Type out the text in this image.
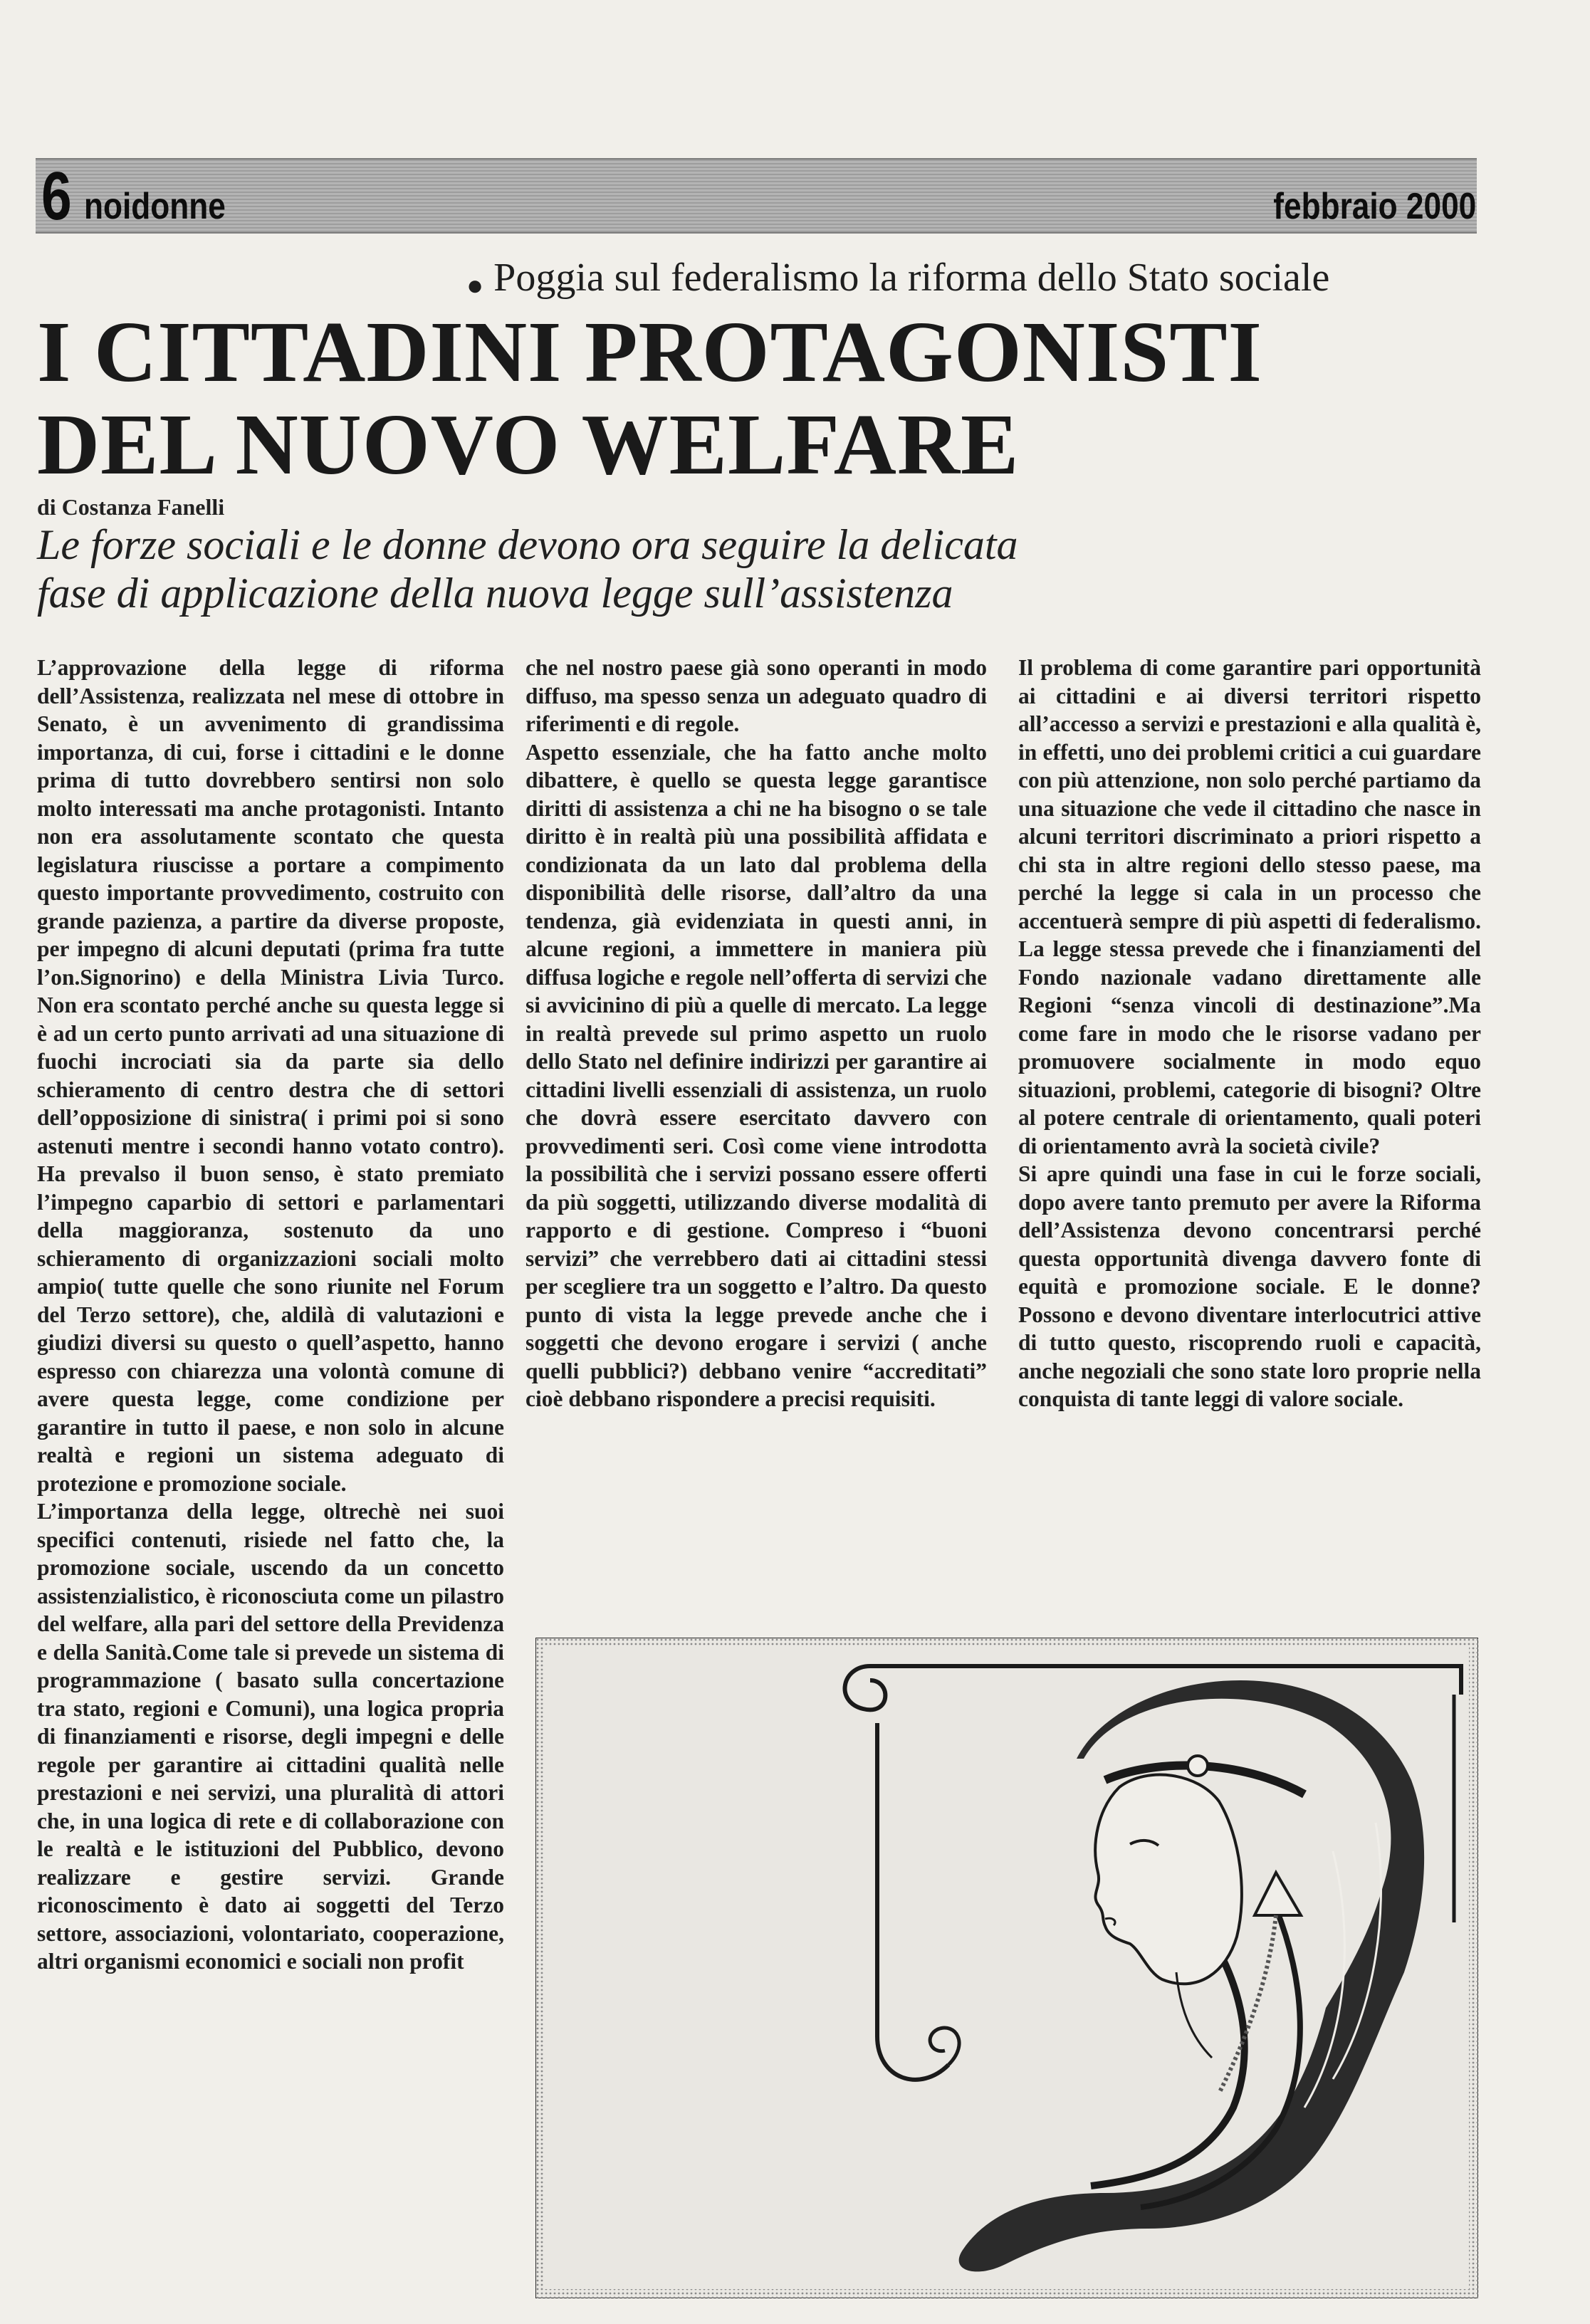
6 noidonne	febbraio 2000
● Poggia sul federalismo la riforma dello Stato sociale
I CITTADINI PROTAGONISTI
DEL NUOVO WELFARE
di Costanza Fanelli
Le forze sociali e le donne devono ora seguire la delicata
fase di applicazione della nuova legge sull’assistenza

L’approvazione della legge di riforma dell’Assistenza, realizzata nel mese di ottobre in Senato, è un avvenimento di grandissima importanza, di cui, forse i cittadini e le donne prima di tutto dovrebbero sentirsi non solo molto interessati ma anche protagonisti. Intanto non era assolutamente scontato che questa legislatura riuscisse a portare a compimento questo importante provvedimento, costruito con grande pazienza, a partire da diverse proposte, per impegno di alcuni deputati (prima fra tutte l’on.Signorino) e della Ministra Livia Turco. Non era scontato perché anche su questa legge si è ad un certo punto arrivati ad una situazione di fuochi incrociati sia da parte sia dello schieramento di centro destra che di settori dell’opposizione di sinistra( i primi poi si sono astenuti mentre i secondi hanno votato contro). Ha prevalso il buon senso, è stato premiato l’impegno caparbio di settori e parlamentari della maggioranza, sostenuto da uno schieramento di organizzazioni sociali molto ampio( tutte quelle che sono riunite nel Forum del Terzo settore), che, aldilà di valutazioni e giudizi diversi su questo o quell’aspetto, hanno espresso con chiarezza una volontà comune di avere questa legge, come condizione per garantire in tutto il paese, e non solo in alcune realtà e regioni un sistema adeguato di protezione e promozione sociale.

L’importanza della legge, oltrechè nei suoi specifici contenuti, risiede nel fatto che, la promozione sociale, uscendo da un concetto assistenzialistico, è riconosciuta come un pilastro del welfare, alla pari del settore della Previdenza e della Sanità.Come tale si prevede un sistema di programmazione ( basato sulla concertazione tra stato, regioni e Comuni), una logica propria di finanziamenti e risorse, degli impegni e delle regole per garantire ai cittadini qualità nelle prestazioni e nei servizi, una pluralità di attori che, in una logica di rete e di collaborazione con le realtà e le istituzioni del Pubblico, devono realizzare e gestire servizi. Grande riconoscimento è dato ai soggetti del Terzo settore, associazioni, volontariato, cooperazione, altri organismi economici e sociali non profit

che nel nostro paese già sono operanti in modo diffuso, ma spesso senza un adeguato quadro di riferimenti e di regole.

Aspetto essenziale, che ha fatto anche molto dibattere, è quello se questa legge garantisce diritti di assistenza a chi ne ha bisogno o se tale diritto è in realtà più una possibilità affidata e condizionata da un lato dal problema della disponibilità delle risorse, dall’altro da una tendenza, già evidenziata in questi anni, in alcune regioni, a immettere in maniera più diffusa logiche e regole nell’offerta di servizi che si avvicinino di più a quelle di mercato. La legge in realtà prevede sul primo aspetto un ruolo dello Stato nel definire indirizzi per garantire ai cittadini livelli essenziali di assistenza, un ruolo che dovrà essere esercitato davvero con provvedimenti seri. Così come viene introdotta la possibilità che i servizi possano essere offerti da più soggetti, utilizzando diverse modalità di rapporto e di gestione. Compreso i “buoni servizi” che verrebbero dati ai cittadini stessi per scegliere tra un soggetto e l’altro. Da questo punto di vista la legge prevede anche che i soggetti che devono erogare i servizi ( anche quelli pubblici?) debbano venire “accreditati” cioè debbano rispondere a precisi requisiti.

Il problema di come garantire pari opportunità ai cittadini e ai diversi territori rispetto all’accesso a servizi e prestazioni e alla qualità è, in effetti, uno dei problemi critici a cui guardare con più attenzione, non solo perché partiamo da una situazione che vede il cittadino che nasce in alcuni territori discriminato a priori rispetto a chi sta in altre regioni dello stesso paese, ma perché la legge si cala in un processo che accentuerà sempre di più aspetti di federalismo. La legge stessa prevede che i finanziamenti del Fondo nazionale vadano direttamente alle Regioni “senza vincoli di destinazione”.Ma come fare in modo che le risorse vadano per promuovere socialmente in modo equo situazioni, problemi, categorie di bisogni? Oltre al potere centrale di orientamento, quali poteri di orientamento avrà la società civile?

Si apre quindi una fase in cui le forze sociali, dopo avere tanto premuto per avere la Riforma dell’Assistenza devono concentrarsi perché questa opportunità divenga davvero fonte di equità e promozione sociale. E le donne? Possono e devono diventare interlocutrici attive di tutto questo, riscoprendo ruoli e capacità, anche negoziali che sono state loro proprie nella conquista di tante leggi di valore sociale.
